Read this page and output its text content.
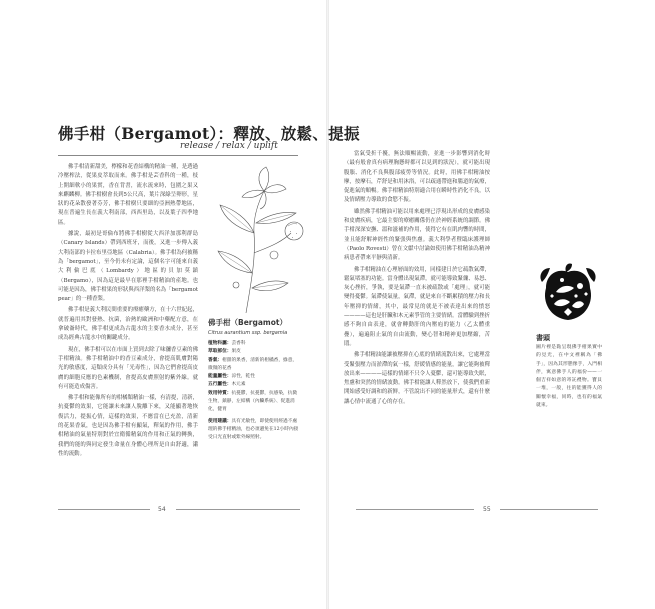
佛手柑（Bergamot）：釋放、放鬆、提振
release / relax / uplift

佛手柑清新甜美，檸檬和花香結構的精油一種，是透過冷壓榨法，從果皮萃取而來。佛手柑是芸香科的一種，枝上開細軟小的果實，香在背書，流水流來時，包圍之果又來麒麟柳。佛手柑樹會長到5公尺高，葉片深綠呈卵形，星狀的花朵散發著芬芳，佛手柑樹只要細的亞洲熱帶地區，現在普遍生長在義大利南部，西西里島，以及葉子四季地區。

據說，最初是哥倫布將佛手柑樹從大西洋加那利群島（Canary Islands）帶到西班牙，而後，又進一步傳入義大利南部的卡拉布里亞地區（Calabria）。佛手柑為何被稱為「bergamot」，至今仍未有定論，這個名字可能來自義大利倫巴底（Lombardy）地區的貝加莫鎮（Bergamo），因為這是最早在那裡手柑精油的產地。也可能是因為，佛手柑果的形狀與西洋梨的名為「bergamot pear」的一種香梨。

佛手柑是義大利民間重要的療癒藥方，在十六世紀起，就普遍用其對發熱、抗菌，治熱的歐洲和中藥配方意，在拿破崙時代，佛手柑更成為古龍水的主要香水成分，甚至成為經典古龍水中的關鍵成分。

現在，佛手柑可以在市面上買到去除了味瀰香豆素的佛手柑精油。佛手柑精油中的香豆素成分，會提高肌膚對陽光的敏感度，這類成分具有「光毒性」，因為它們會提高皮膚的細胞反應的色素機制，會提高皮膚照射的紫外線。就有可能造成傷害。

佛手柑和能像所有的柑橘類精油一樣，有清提，清新，抗憂鬱的效果，它能讓未來讓人脫離下來，又能顯著地恢復活力，提振心情，這樣的效果，不應當在已充盈，清新的花果香氣，也是因為佛手柑有顯氣，釋氣的作用，佛手柑精油的氣量特別對於宜衛循精氣的作用和正氣的轉換，我們的能的與同定發生命量在身體心理所是自由舒適，瀟性的流動。

佛手柑（Bergamot）
Citrus aurantium ssp. bergamia
植物科屬：芸香科
萃取部位：果皮
香氣：柑甜的果香，清新的柑橘香，綠意，微微的花香
能量屬性：涼性，乾性
五行屬性：木元素
效用特質：抗憂鬱，抗憂鬱，抗感染，抗微生物，鎮靜，左結構（內臟系統）、促進消化，健胃
使用建議：具有光敏性，即使使用經過不處理的佛手柑精油，也必須避免在12小時內接受日光直射或紫外線照射。
54

當氣受折千擾，無法順暢流動，並進一步影響到消化時（最有般會真有病理胸懸時都可以見到的狀況），就可能出現腹脹、消化不良與腹部疲勞等情況。此時，用佛手柑精油按摩，按摩石，芹舒是和用沐浴，可以疏通帶進和腸道的氣療，促進氣的順暢。佛手柑精油特別適合用在瞬時性消化不良，以及情緒壓力導致的食慾不振。

雖然佛手柑精油可能以用來處理已浮現出形成的皮膚感染和皮膚疾病，它最主要的療癒關係仍在於神經系統的調節。佛手柑深深安撫、溫和滋補的作用，使得它有在肌肉響的時間，並且能舒解神經性的緊張與焦慮。義大利學者暨臨床護理師（Paolo Rovesti）曾在文獻中討論如使用佛手柑精油為精神病患者帶來平靜與清新。

佛手柑精油在心理層面的效用，同樣建日於它疏散氣滯，鬆氣堵塞的功能。當身體出現氣滯，就可能導致緊繃、易怒、灰心挫折，爭執，要是氣滯一直未被疏散或「處理」，就可能變得憂鬱。氣滯使氣量，氣滯，就是來自不斷累積的壓力和長年壓抑的情緒，其中，最常見的就是不被表達出來的憤怒————這也是肝臟和木元素爭管的主要情緒。當體驗到挫折感不夠自由表達，就會轉動肝的內壓庖的能力（乙太體重疊），遍遍阻止氣的自由流動，變心智和精神更加壓縮，苦悶。

佛手柑精油能讓被壓抑在心底的情緒流散出來，它處理當受緊張壓力而淤滯的氣一樣，舒緩情感的能量，讓它能夠被釋放出來————這樣的情緒不只令人憂鬱，還可能導致失眠，焦慮和突然的情緒波動。佛手柑能讓人釋然放下，使我們重新開始感受好調和的新鮮，不管說出不同的能量形式，還有什麼讓心情中流通了心的存在。

書頭
圖片裡是黏呈現佛手柑果實中的見光，在中文裡稱為「佛手」，因為其形態像手，入門相伴，寓意佛手人的福份——一個吉祥如意的寄託禮物。寶貝一堆，一般，往的能獲得人的關懷幸福，同時，也有的福氣就來。
55
